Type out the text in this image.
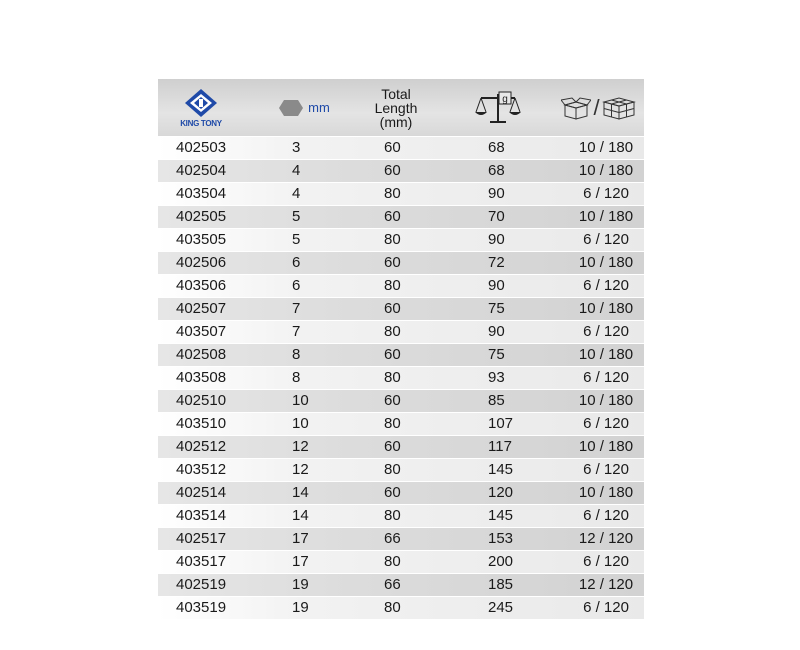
KING TONY
mm
Total
Length
(mm)
g	/
402503	3	60	68	10 / 180
402504	4	60	68	10 / 180
403504	4	80	90	6 / 120
402505	5	60	70	10 / 180
403505	5	80	90	6 / 120
402506	6	60	72	10 / 180
403506	6	80	90	6 / 120
402507	7	60	75	10 / 180
403507	7	80	90	6 / 120
402508	8	60	75	10 / 180
403508	8	80	93	6 / 120
402510	10	60	85	10 / 180
403510	10	80	107	6 / 120
402512	12	60	117	10 / 180
403512	12	80	145	6 / 120
402514	14	60	120	10 / 180
403514	14	80	145	6 / 120
402517	17	66	153	12 / 120
403517	17	80	200	6 / 120
402519	19	66	185	12 / 120
403519	19	80	245	6 / 120
